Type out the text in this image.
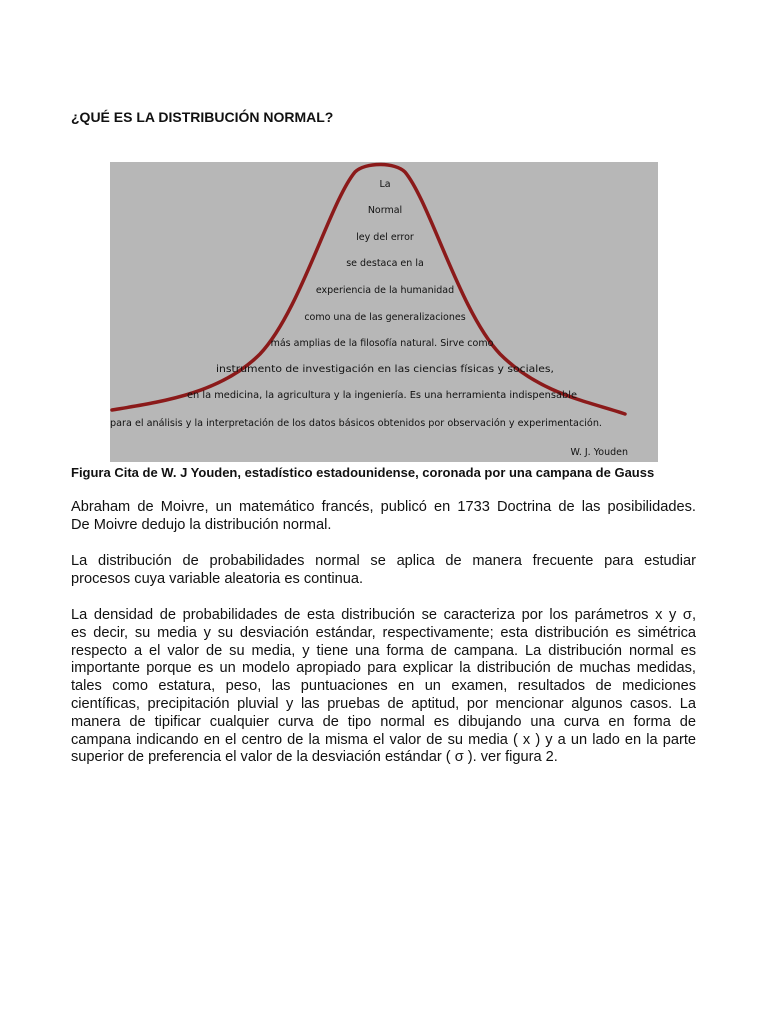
¿QUÉ ES LA DISTRIBUCIÓN NORMAL?
La
Normal
ley del error
se destaca en la
experiencia de la humanidad
como una de las generalizaciones
más amplias de la filosofía natural. Sirve como
instrumento de investigación en las ciencias físicas y sociales,
en la medicina, la agricultura y la ingeniería. Es una herramienta indispensable
para el análisis y la interpretación de los datos básicos obtenidos por observación y experimentación.
W. J. Youden

Figura Cita de W. J Youden, estadístico estadounidense, coronada por una campana de Gauss

Abraham de Moivre, un matemático francés, publicó en 1733 Doctrina de las posibilidades.
De Moivre dedujo la distribución normal.

La distribución de probabilidades normal se aplica de manera frecuente para estudiar
procesos cuya variable aleatoria es continua.

La densidad de probabilidades de esta distribución se caracteriza por los parámetros x y σ,
es decir, su media y su desviación estándar, respectivamente; esta distribución es simétrica
respecto a el valor de su media, y tiene una forma de campana. La distribución normal es
importante porque es un modelo apropiado para explicar la distribución de muchas medidas,
tales como estatura, peso, las puntuaciones en un examen, resultados de mediciones
científicas, precipitación pluvial y las pruebas de aptitud, por mencionar algunos casos. La
manera de tipificar cualquier curva de tipo normal es dibujando una curva en forma de
campana indicando en el centro de la misma el valor de su media ( x ) y a un lado en la parte
superior de preferencia el valor de la desviación estándar ( σ ). ver figura 2.
